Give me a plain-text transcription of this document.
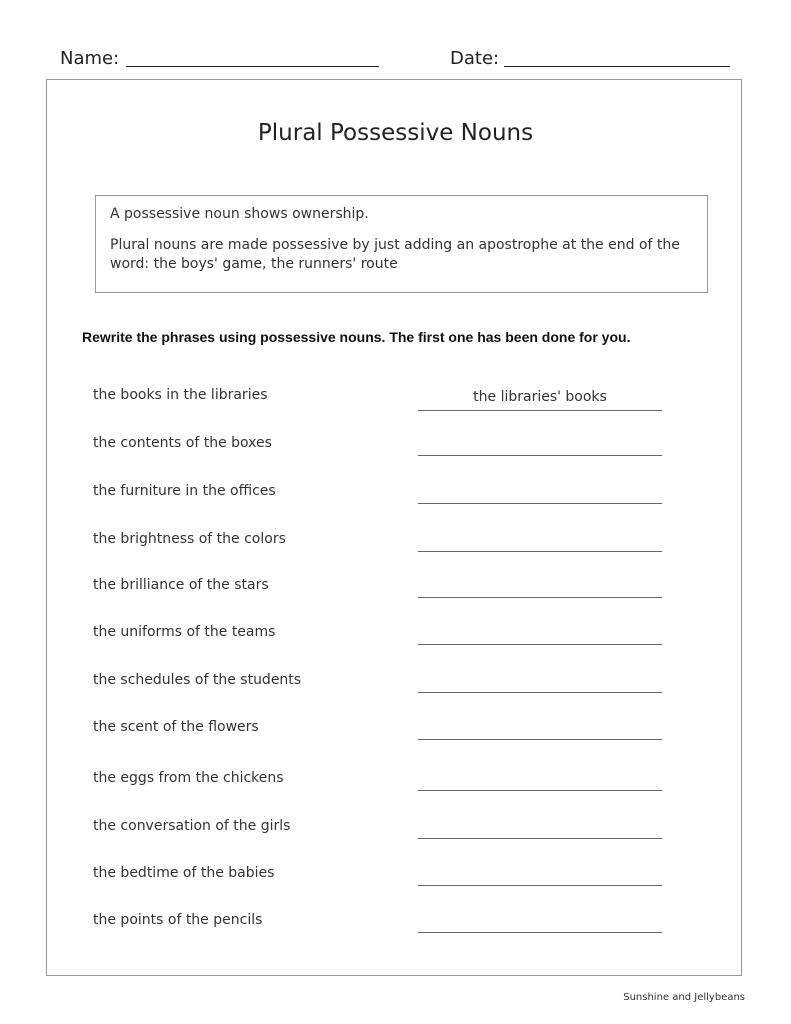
Name:	Date:
Plural Possessive Nouns

A possessive noun shows ownership.

Plural nouns are made possessive by just adding an apostrophe at the end of the word: the boys' game, the runners' route

Rewrite the phrases using possessive nouns. The first one has been done for you.
the books in the libraries	the libraries' books
the contents of the boxes
the furniture in the offices
the brightness of the colors
the brilliance of the stars
the uniforms of the teams
the schedules of the students
the scent of the flowers
the eggs from the chickens
the conversation of the girls
the bedtime of the babies
the points of the pencils
Sunshine and Jellybeans
